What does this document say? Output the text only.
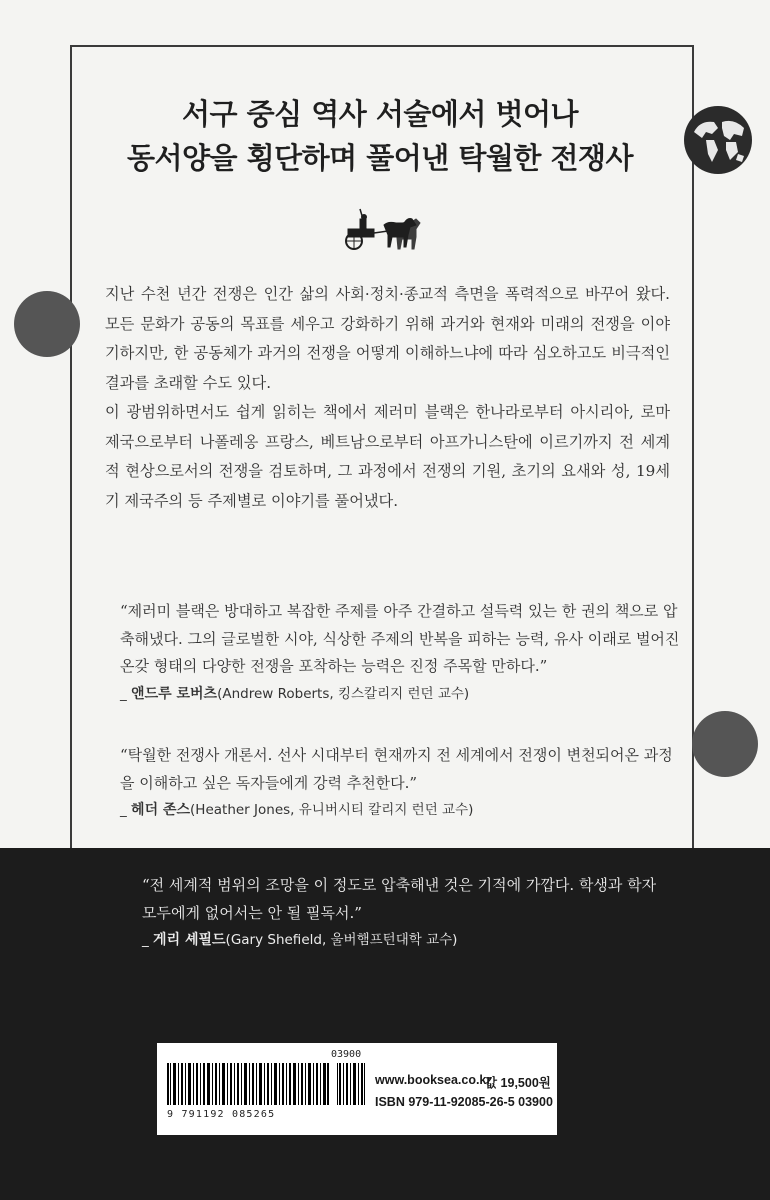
서구 중심 역사 서술에서 벗어나
동서양을 횡단하며 풀어낸 탁월한 전쟁사

지난 수천 년간 전쟁은 인간 삶의 사회·정치·종교적 측면을 폭력적으로 바꾸어 왔다. 모든 문화가 공동의 목표를 세우고 강화하기 위해 과거와 현재와 미래의 전쟁을 이야기하지만, 한 공동체가 과거의 전쟁을 어떻게 이해하느냐에 따라 심오하고도 비극적인 결과를 초래할 수도 있다.

이 광범위하면서도 쉽게 읽히는 책에서 제러미 블랙은 한나라로부터 아시리아, 로마 제국으로부터 나폴레옹 프랑스, 베트남으로부터 아프가니스탄에 이르기까지 전 세계적 현상으로서의 전쟁을 검토하며, 그 과정에서 전쟁의 기원, 초기의 요새와 성, 19세기 제국주의 등 주제별로 이야기를 풀어냈다.

“제러미 블랙은 방대하고 복잡한 주제를 아주 간결하고 설득력 있는 한 권의 책으로 압축해냈다. 그의 글로벌한 시야, 식상한 주제의 반복을 피하는 능력, 유사 이래로 벌어진 온갖 형태의 다양한 전쟁을 포착하는 능력은 진정 주목할 만하다.”

_ 앤드루 로버츠(Andrew Roberts, 킹스칼리지 런던 교수)

“탁월한 전쟁사 개론서. 선사 시대부터 현재까지 전 세계에서 전쟁이 변천되어온 과정을 이해하고 싶은 독자들에게 강력 추천한다.”

_ 헤더 존스(Heather Jones, 유니버시티 칼리지 런던 교수)

“전 세계적 범위의 조망을 이 정도로 압축해낸 것은 기적에 가깝다. 학생과 학자 모두에게 없어서는 안 될 필독서.”

_ 게리 셰필드(Gary Shefield, 울버햄프턴대학 교수)
03900
9 791192 085265
www.booksea.co.kr
값 19,500원
ISBN 979-11-92085-26-5 03900
